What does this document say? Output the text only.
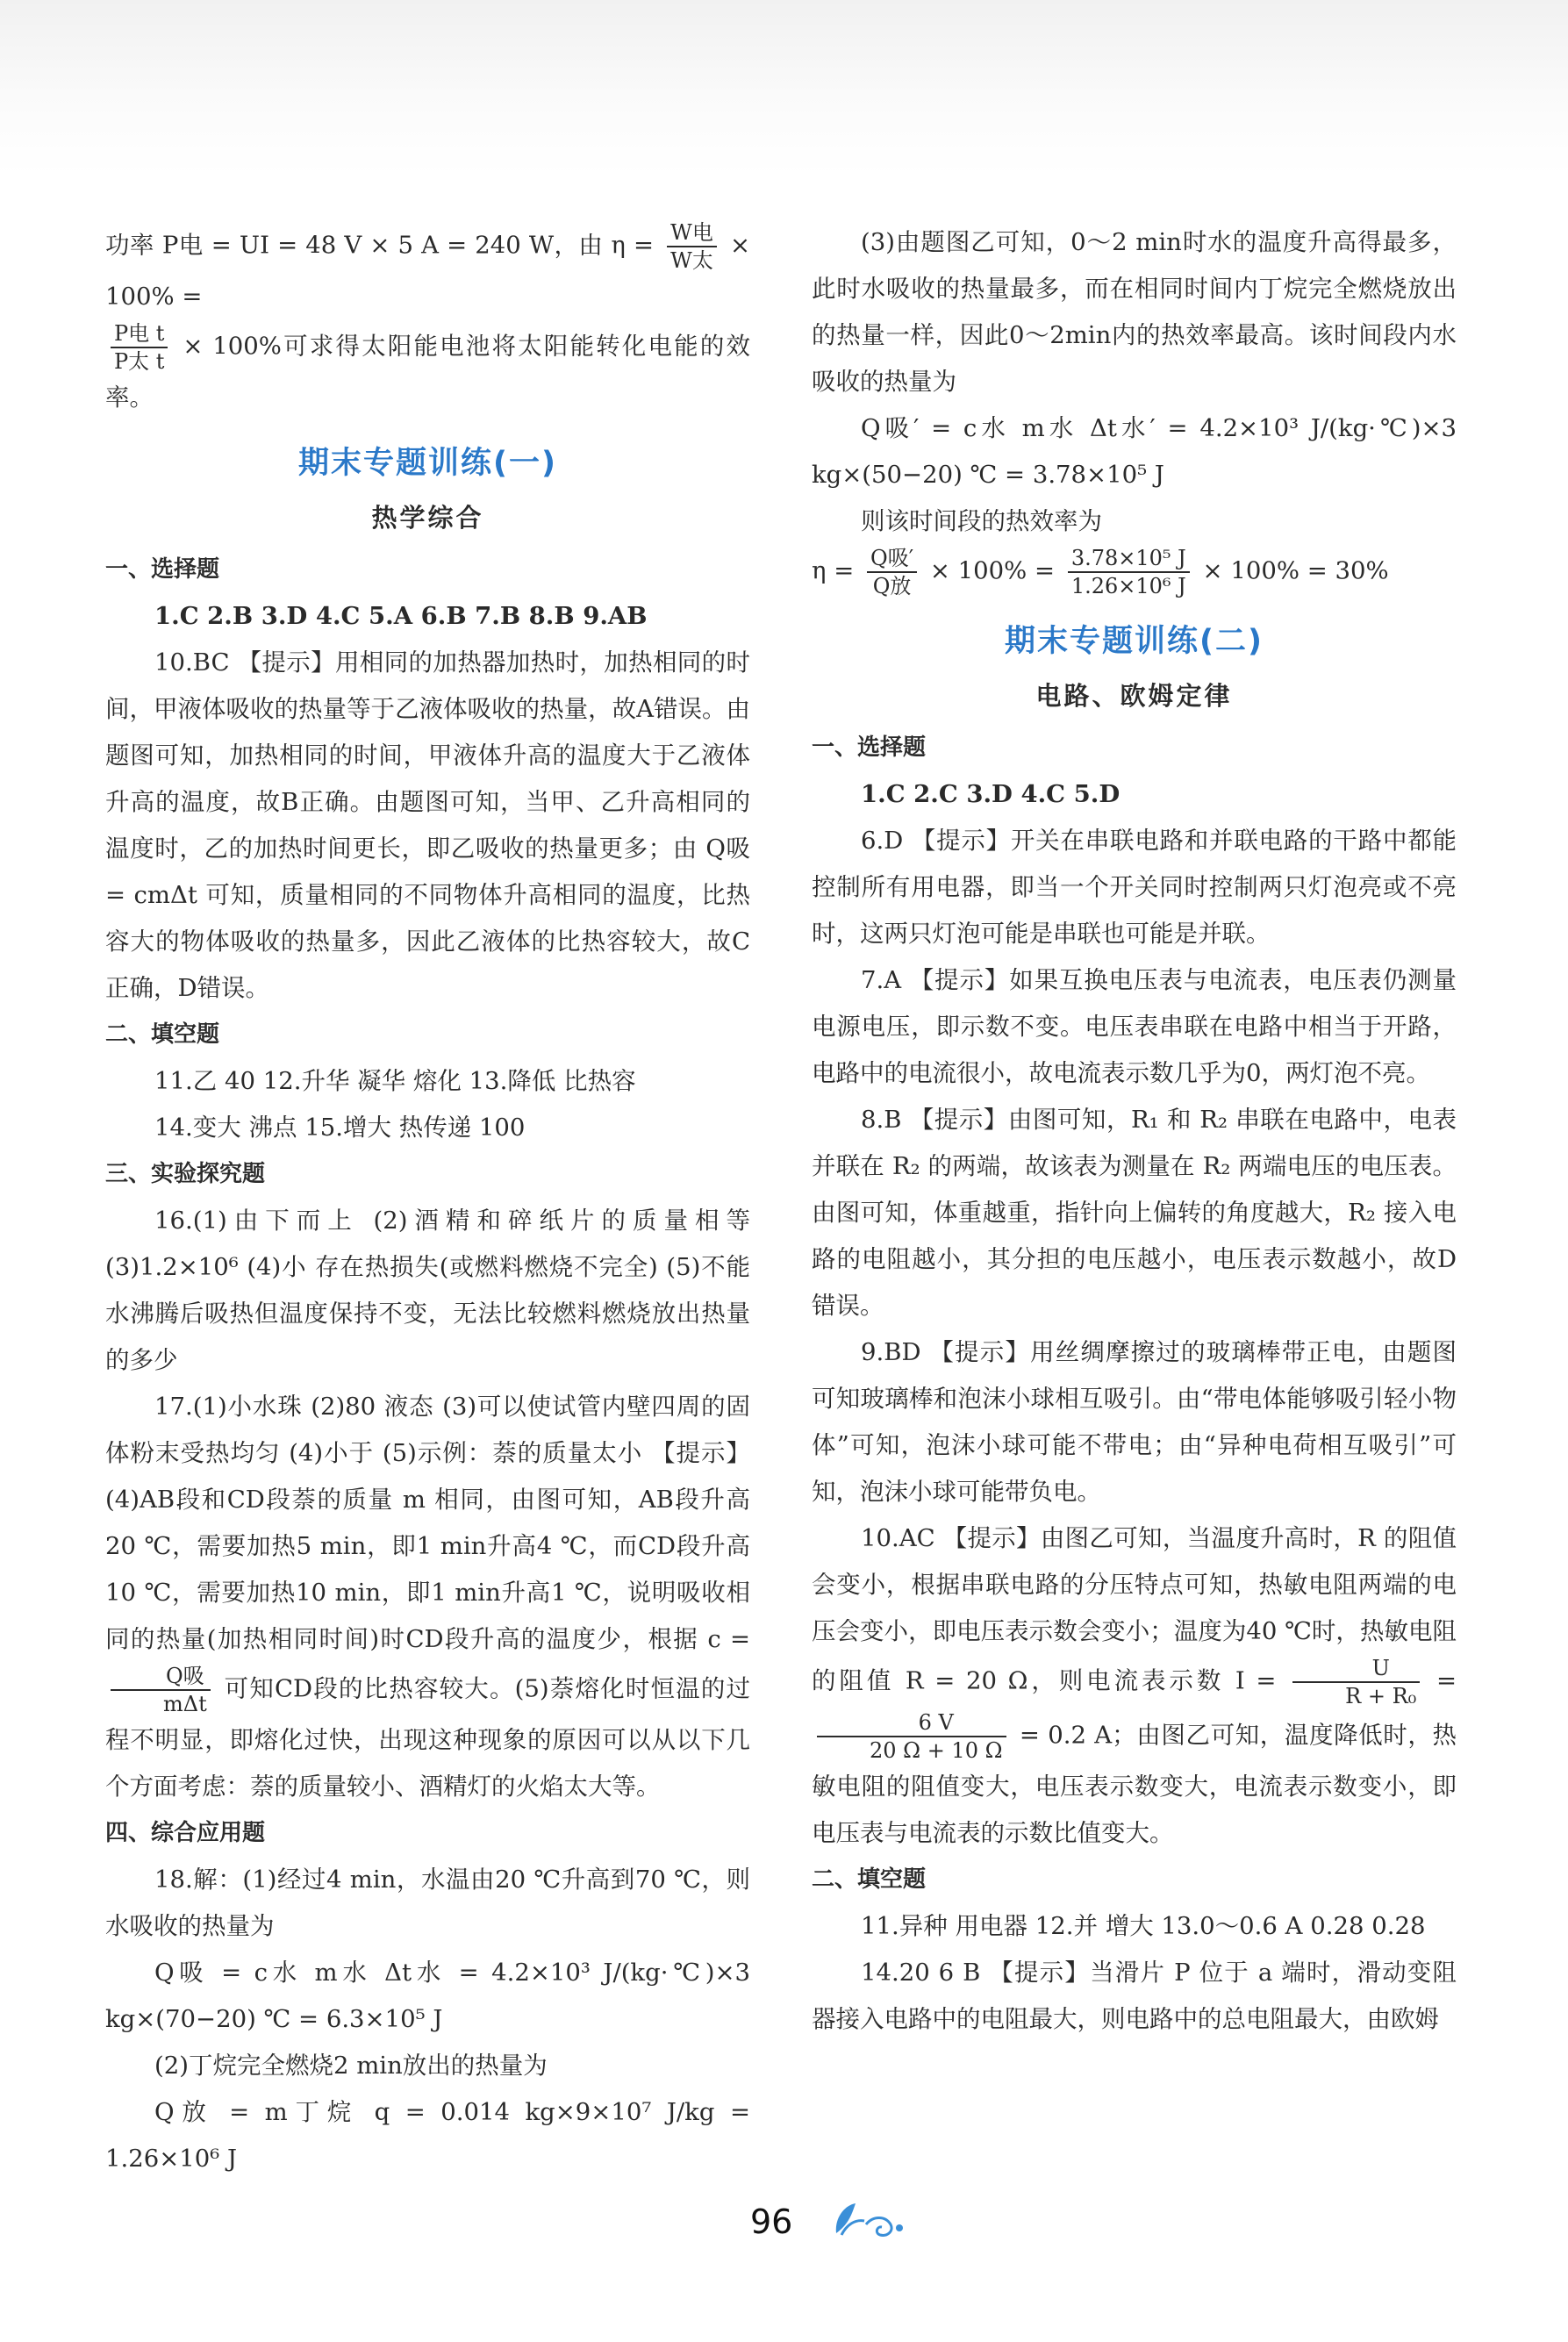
功率 P电 = UI = 48 V × 5 A = 240 W，由 $\eta = \frac{\text{W电}}{\text{W太}} \times 100\%$ =

$\frac{\text{P电 t}}{\text{P太 t}} \times 100\%$可求得太阳能电池将太阳能转化电能的效率。

期末专题训练(一)

热学综合

一、选择题

1.C 2.B 3.D 4.C 5.A 6.B 7.B 8.B 9.AB

10.BC 【提示】用相同的加热器加热时，加热相同的时间，甲液体吸收的热量等于乙液体吸收的热量，故A错误。由题图可知，加热相同的时间，甲液体升高的温度大于乙液体升高的温度，故B正确。由题图可知，当甲、乙升高相同的温度时，乙的加热时间更长，即乙吸收的热量更多；由 Q吸 = cmΔt 可知，质量相同的不同物体升高相同的温度，比热容大的物体吸收的热量多，因此乙液体的比热容较大，故C正确，D错误。

二、填空题

11.乙 40 12.升华 凝华 熔化 13.降低 比热容

14.变大 沸点 15.增大 热传递 100

三、实验探究题

16.(1)由下而上 (2)酒精和碎纸片的质量相等 (3)1.2×10⁶ (4)小 存在热损失(或燃料燃烧不完全) (5)不能 水沸腾后吸热但温度保持不变，无法比较燃料燃烧放出热量的多少

17.(1)小水珠 (2)80 液态 (3)可以使试管内壁四周的固体粉末受热均匀 (4)小于 (5)示例：萘的质量太小 【提示】(4)AB段和CD段萘的质量 m 相同，由图可知，AB段升高20 ℃，需要加热5 min，即1 min升高4 ℃，而CD段升高10 ℃，需要加热10 min，即1 min升高1 ℃，说明吸收相同的热量(加热相同时间)时CD段升高的温度少，根据 c =
$\frac{\text{Q吸}}{\text{mΔt}}$ 可知CD段的比热容较大。(5)萘熔化时恒温的过程不明显，即熔化过快，出现这种现象的原因可以从以下几个方面考虑：萘的质量较小、酒精灯的火焰太大等。

四、综合应用题

18.解：(1)经过4 min，水温由20 ℃升高到70 ℃，则水吸收的热量为

Q吸 = c水 m水 Δt水 = 4.2×10³ J/(kg·℃)×3 kg×(70−20) ℃ = 6.3×10⁵ J

(2)丁烷完全燃烧2 min放出的热量为

Q放 = m丁烷 q = 0.014 kg×9×10⁷ J/kg = 1.26×10⁶ J

(3)由题图乙可知，0～2 min时水的温度升高得最多，此时水吸收的热量最多，而在相同时间内丁烷完全燃烧放出的热量一样，因此0～2min内的热效率最高。该时间段内水吸收的热量为

Q吸′ = c水 m水 Δt水′ = 4.2×10³ J/(kg·℃)×3 kg×(50−20) ℃ = 3.78×10⁵ J

则该时间段的热效率为

$\eta = \frac{\text{Q吸′}}{\text{Q放}} \times 100\% = \frac{\text{3.78×10⁵ J}}{\text{1.26×10⁶ J}} \times 100\% = 30\%$

期末专题训练(二)

电路、欧姆定律

一、选择题

1.C 2.C 3.D 4.C 5.D

6.D 【提示】开关在串联电路和并联电路的干路中都能控制所有用电器，即当一个开关同时控制两只灯泡亮或不亮时，这两只灯泡可能是串联也可能是并联。

7.A 【提示】如果互换电压表与电流表，电压表仍测量电源电压，即示数不变。电压表串联在电路中相当于开路，电路中的电流很小，故电流表示数几乎为0，两灯泡不亮。

8.B 【提示】由图可知，R₁ 和 R₂ 串联在电路中，电表并联在 R₂ 的两端，故该表为测量在 R₂ 两端电压的电压表。由图可知，体重越重，指针向上偏转的角度越大，R₂ 接入电路的电阻越小，其分担的电压越小，电压表示数越小，故D错误。

9.BD 【提示】用丝绸摩擦过的玻璃棒带正电，由题图可知玻璃棒和泡沫小球相互吸引。由“带电体能够吸引轻小物体”可知，泡沫小球可能不带电；由“异种电荷相互吸引”可知，泡沫小球可能带负电。

10.AC 【提示】由图乙可知，当温度升高时，R 的阻值会变小，根据串联电路的分压特点可知，热敏电阻两端的电压会变小，即电压表示数会变小；温度为40 ℃时，热敏电阻的阻值 R = 20 Ω，则电流表示数 $I = \frac{U}{\text{R + R₀}}$ =
$\frac{6 V}{20 \Omega + 10 \Omega} = 0.2$ A；由图乙可知，温度降低时，热敏电阻的阻值变大，电压表示数变大，电流表示数变小，即电压表与电流表的示数比值变大。

二、填空题

11.异种 用电器 12.并 增大 13.0～0.6 A 0.28 0.28

14.20 6 B 【提示】当滑片 P 位于 a 端时，滑动变阻器接入电路中的电阻最大，则电路中的总电阻最大，由欧姆

96
